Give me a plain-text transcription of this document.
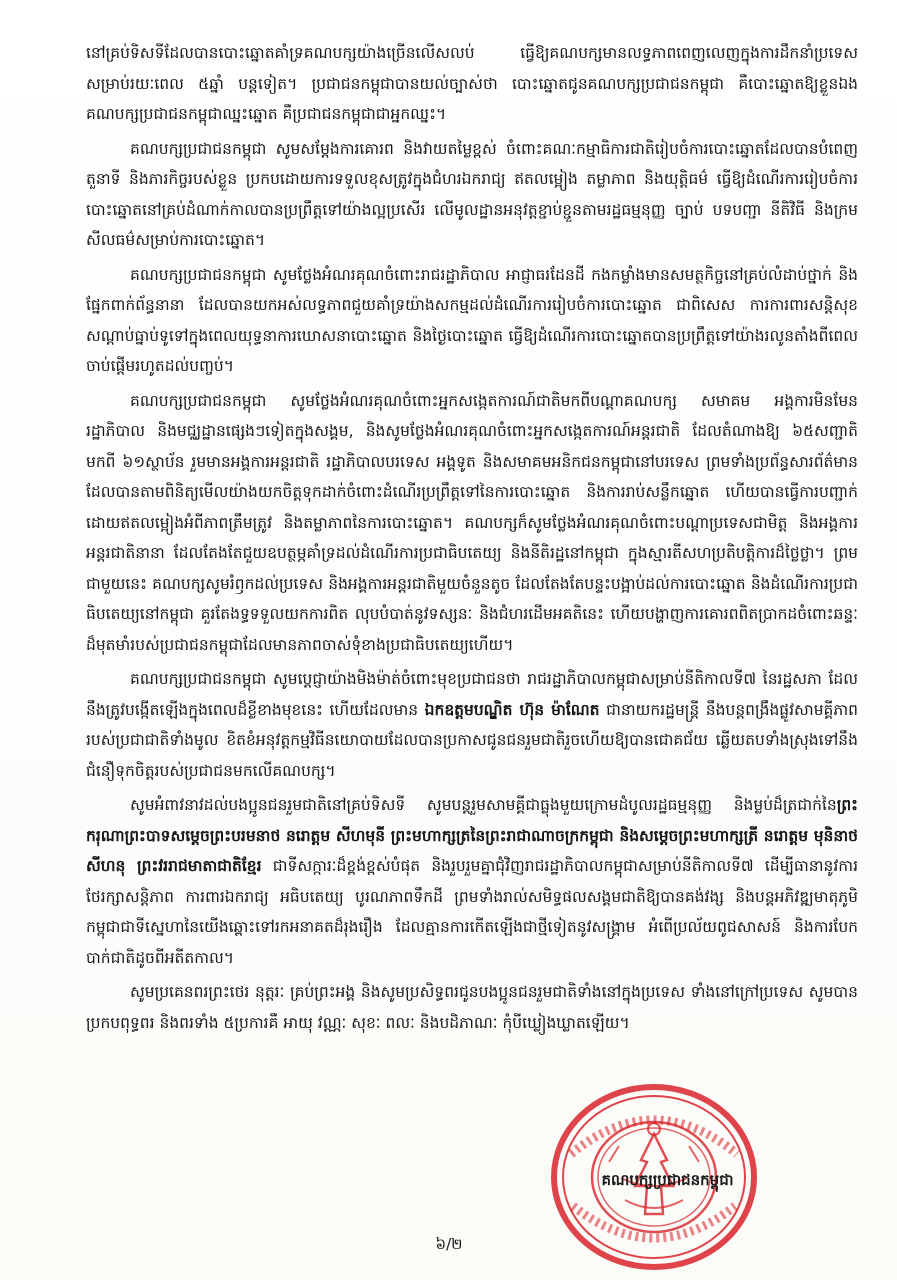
នៅគ្រប់ទិសទីដែលបានបោះឆ្នោតគាំទ្រគណបក្សយ៉ាងច្រើនលើសលប់ ធ្វើឱ្យគណបក្សមានលទ្ធភាពពេញលេញក្នុងការដឹកនាំប្រទេសសម្រាប់រយៈពេល ៥ឆ្នាំ បន្តទៀត។ ប្រជាជនកម្ពុជាបានយល់ច្បាស់ថា បោះឆ្នោតជូនគណបក្សប្រជាជនកម្ពុជា គឺបោះឆ្នោតឱ្យខ្លួនឯង គណបក្សប្រជាជនកម្ពុជាឈ្នះឆ្នោត គឺប្រជាជនកម្ពុជាជាអ្នកឈ្នះ។

គណបក្សប្រជាជនកម្ពុជា សូមសម្តែងការគោរព និងវាយតម្លៃខ្ពស់ ចំពោះគណៈកម្មាធិការជាតិរៀបចំការបោះឆ្នោតដែលបានបំពេញតួនាទី និងភារកិច្ចរបស់ខ្លួន ប្រកបដោយការទទួលខុសត្រូវក្នុងជំហរឯករាជ្យ ឥតលម្អៀង តម្លាភាព និងយុត្តិធម៌ ធ្វើឱ្យដំណើរការរៀបចំការបោះឆ្នោតនៅគ្រប់ដំណាក់កាលបានប្រព្រឹត្តទៅយ៉ាងល្អប្រសើរ លើមូលដ្ឋានអនុវត្តខ្ជាប់ខ្ជួនតាមរដ្ឋធម្មនុញ្ញ ច្បាប់ បទបញ្ជា នីតិវិធី និងក្រមសីលធម៌សម្រាប់ការបោះឆ្នោត។

គណបក្សប្រជាជនកម្ពុជា សូមថ្លែងអំណរគុណចំពោះរាជរដ្ឋាភិបាល អាជ្ញាធរដែនដី កងកម្លាំងមានសមត្ថកិច្ចនៅគ្រប់លំដាប់ថ្នាក់ និងផ្នែកពាក់ព័ន្ធនានា ដែលបានយកអស់លទ្ធភាពជួយគាំទ្រយ៉ាងសកម្មដល់ដំណើរការរៀបចំការបោះឆ្នោត ជាពិសេស ការការពារសន្តិសុខ សណ្តាប់ធ្នាប់ទូទៅក្នុងពេលយុទ្ធនាការឃោសនាបោះឆ្នោត និងថ្ងៃបោះឆ្នោត ធ្វើឱ្យដំណើរការបោះឆ្នោតបានប្រព្រឹត្តទៅយ៉ាងរលូនតាំងពីពេលចាប់ផ្តើមរហូតដល់បញ្ចប់។

គណបក្សប្រជាជនកម្ពុជា សូមថ្លែងអំណរគុណចំពោះអ្នកសង្កេតការណ៍ជាតិមកពីបណ្តាគណបក្ស សមាគម អង្គការមិនមែនរដ្ឋាភិបាល និងមជ្ឈដ្ឋានផ្សេងៗទៀតក្នុងសង្គម, និងសូមថ្លែងអំណរគុណចំពោះអ្នកសង្កេតការណ៍អន្តរជាតិ ដែលតំណាងឱ្យ ៦៥សញ្ជាតិ មកពី ៦១ស្ថាប័ន រួមមានអង្គការអន្តរជាតិ រដ្ឋាភិបាលបរទេស អង្គទូត និងសមាគមអនិកជនកម្ពុជានៅបរទេស ព្រមទាំងប្រព័ន្ធសារព័ត៌មាន ដែលបានតាមពិនិត្យមើលយ៉ាងយកចិត្តទុកដាក់ចំពោះដំណើរប្រព្រឹត្តទៅនៃការបោះឆ្នោត និងការរាប់សន្លឹកឆ្នោត ហើយបានធ្វើការបញ្ជាក់ដោយឥតលម្អៀងអំពីភាពត្រឹមត្រូវ និងតម្លាភាពនៃការបោះឆ្នោត។ គណបក្សក៏សូមថ្លែងអំណរគុណចំពោះបណ្តាប្រទេសជាមិត្ត និងអង្គការអន្តរជាតិនានា ដែលតែងតែជួយឧបត្ថម្ភគាំទ្រដល់ដំណើរការប្រជាធិបតេយ្យ និងនីតិរដ្ឋនៅកម្ពុជា ក្នុងស្មារតីសហប្រតិបត្តិការដ៏ថ្លៃថ្លា។ ព្រមជាមួយនេះ គណបក្សសូមរំឭកដល់ប្រទេស និងអង្គការអន្តរជាតិមួយចំនួនតូច ដែលតែងតែបន្ទះបង្អាប់ដល់ការបោះឆ្នោត និងដំណើរការប្រជាធិបតេយ្យនៅកម្ពុជា គួរតែងទ្ធទទួលយកការពិត លុបបំបាត់នូវទស្សនៈ និងជំហរដើមអគតិនេះ ហើយបង្ហាញការគោរពពិតប្រាកដចំពោះឆន្ទៈដ៏មុតមាំរបស់ប្រជាជនកម្ពុជាដែលមានភាពចាស់ទុំខាងប្រជាធិបតេយ្យហើយ។

គណបក្សប្រជាជនកម្ពុជា សូមប្តេជ្ញាយ៉ាងមិងម៉ាត់ចំពោះមុខប្រជាជនថា រាជរដ្ឋាភិបាលកម្ពុជាសម្រាប់នីតិកាលទី៧ នៃរដ្ឋសភា ដែលនឹងត្រូវបង្កើតឡើងក្នុងពេលដ៏ខ្លីខាងមុខនេះ ហើយដែលមាន ឯកឧត្តមបណ្ឌិត ហ៊ុន ម៉ាណែត ជានាយករដ្ឋមន្ត្រី នឹងបន្តពង្រឹងផ្លូវសាមគ្គីភាពរបស់ប្រជាជាតិទាំងមូល ខិតខំអនុវត្តកម្មវិធីនយោបាយដែលបានប្រកាសជូនជនរួមជាតិរួចហើយឱ្យបានជោគជ័យ ឆ្លើយតបទាំងស្រុងទៅនឹងជំនឿទុកចិត្តរបស់ប្រជាជនមកលើគណបក្ស។

សូមអំពាវនាវដល់បងប្អូនជនរួមជាតិនៅគ្រប់ទិសទី សូមបន្តរួមសាមគ្គីជាធ្លុងមួយក្រោមដំបូលរដ្ឋធម្មនុញ្ញ និងម្លប់ដ៏ត្រជាក់នៃព្រះករុណាព្រះបាទសម្តេចព្រះបរមនាថ នរោត្តម សីហមុនី ព្រះមហាក្សត្រនៃព្រះរាជាណាចក្រកម្ពុជា និងសម្តេចព្រះមហាក្សត្រី នរោត្តម មុនិនាថ សីហនុ ព្រះវររាជមាតាជាតិខ្មែរ ជាទីសក្ការៈដ៏ខ្ពង់ខ្ពស់បំផុត និងរួបរួមគ្នាជុំវិញរាជរដ្ឋាភិបាលកម្ពុជាសម្រាប់នីតិកាលទី៧ ដើម្បីធានានូវការថែរក្សាសន្តិភាព ការពារឯករាជ្យ អធិបតេយ្យ បូរណភាពទឹកដី ព្រមទាំងរាល់សមិទ្ធផលសង្គមជាតិឱ្យបានគង់វង្ស និងបន្តអភិវឌ្ឍមាតុភូមិកម្ពុជាជាទីស្នេហានៃយើងឆ្ពោះទៅរកអនាគតដ៏រុងរឿង ដែលគ្មានការកើតឡើងជាថ្មីទៀតនូវសង្គ្រាម អំពើប្រល័យពូជសាសន៍ និងការបែកបាក់ជាតិដូចពីអតីតកាល។

សូមប្រគេនពរព្រះថេរ នុត្តរៈ គ្រប់ព្រះអង្គ និងសូមប្រសិទ្ធពរជូនបងប្អូនជនរួមជាតិទាំងនៅក្នុងប្រទេស ទាំងនៅក្រៅប្រទេស សូមបានប្រកបពុទ្ធពរ និងពរទាំង ៥ប្រការគឺ អាយុ វណ្ណៈ សុខៈ ពលៈ និងបដិភាណៈ កុំបីឃ្លៀងឃ្លាតឡើយ។

គណបក្សប្រជាជនកម្ពុជា
៦/២
